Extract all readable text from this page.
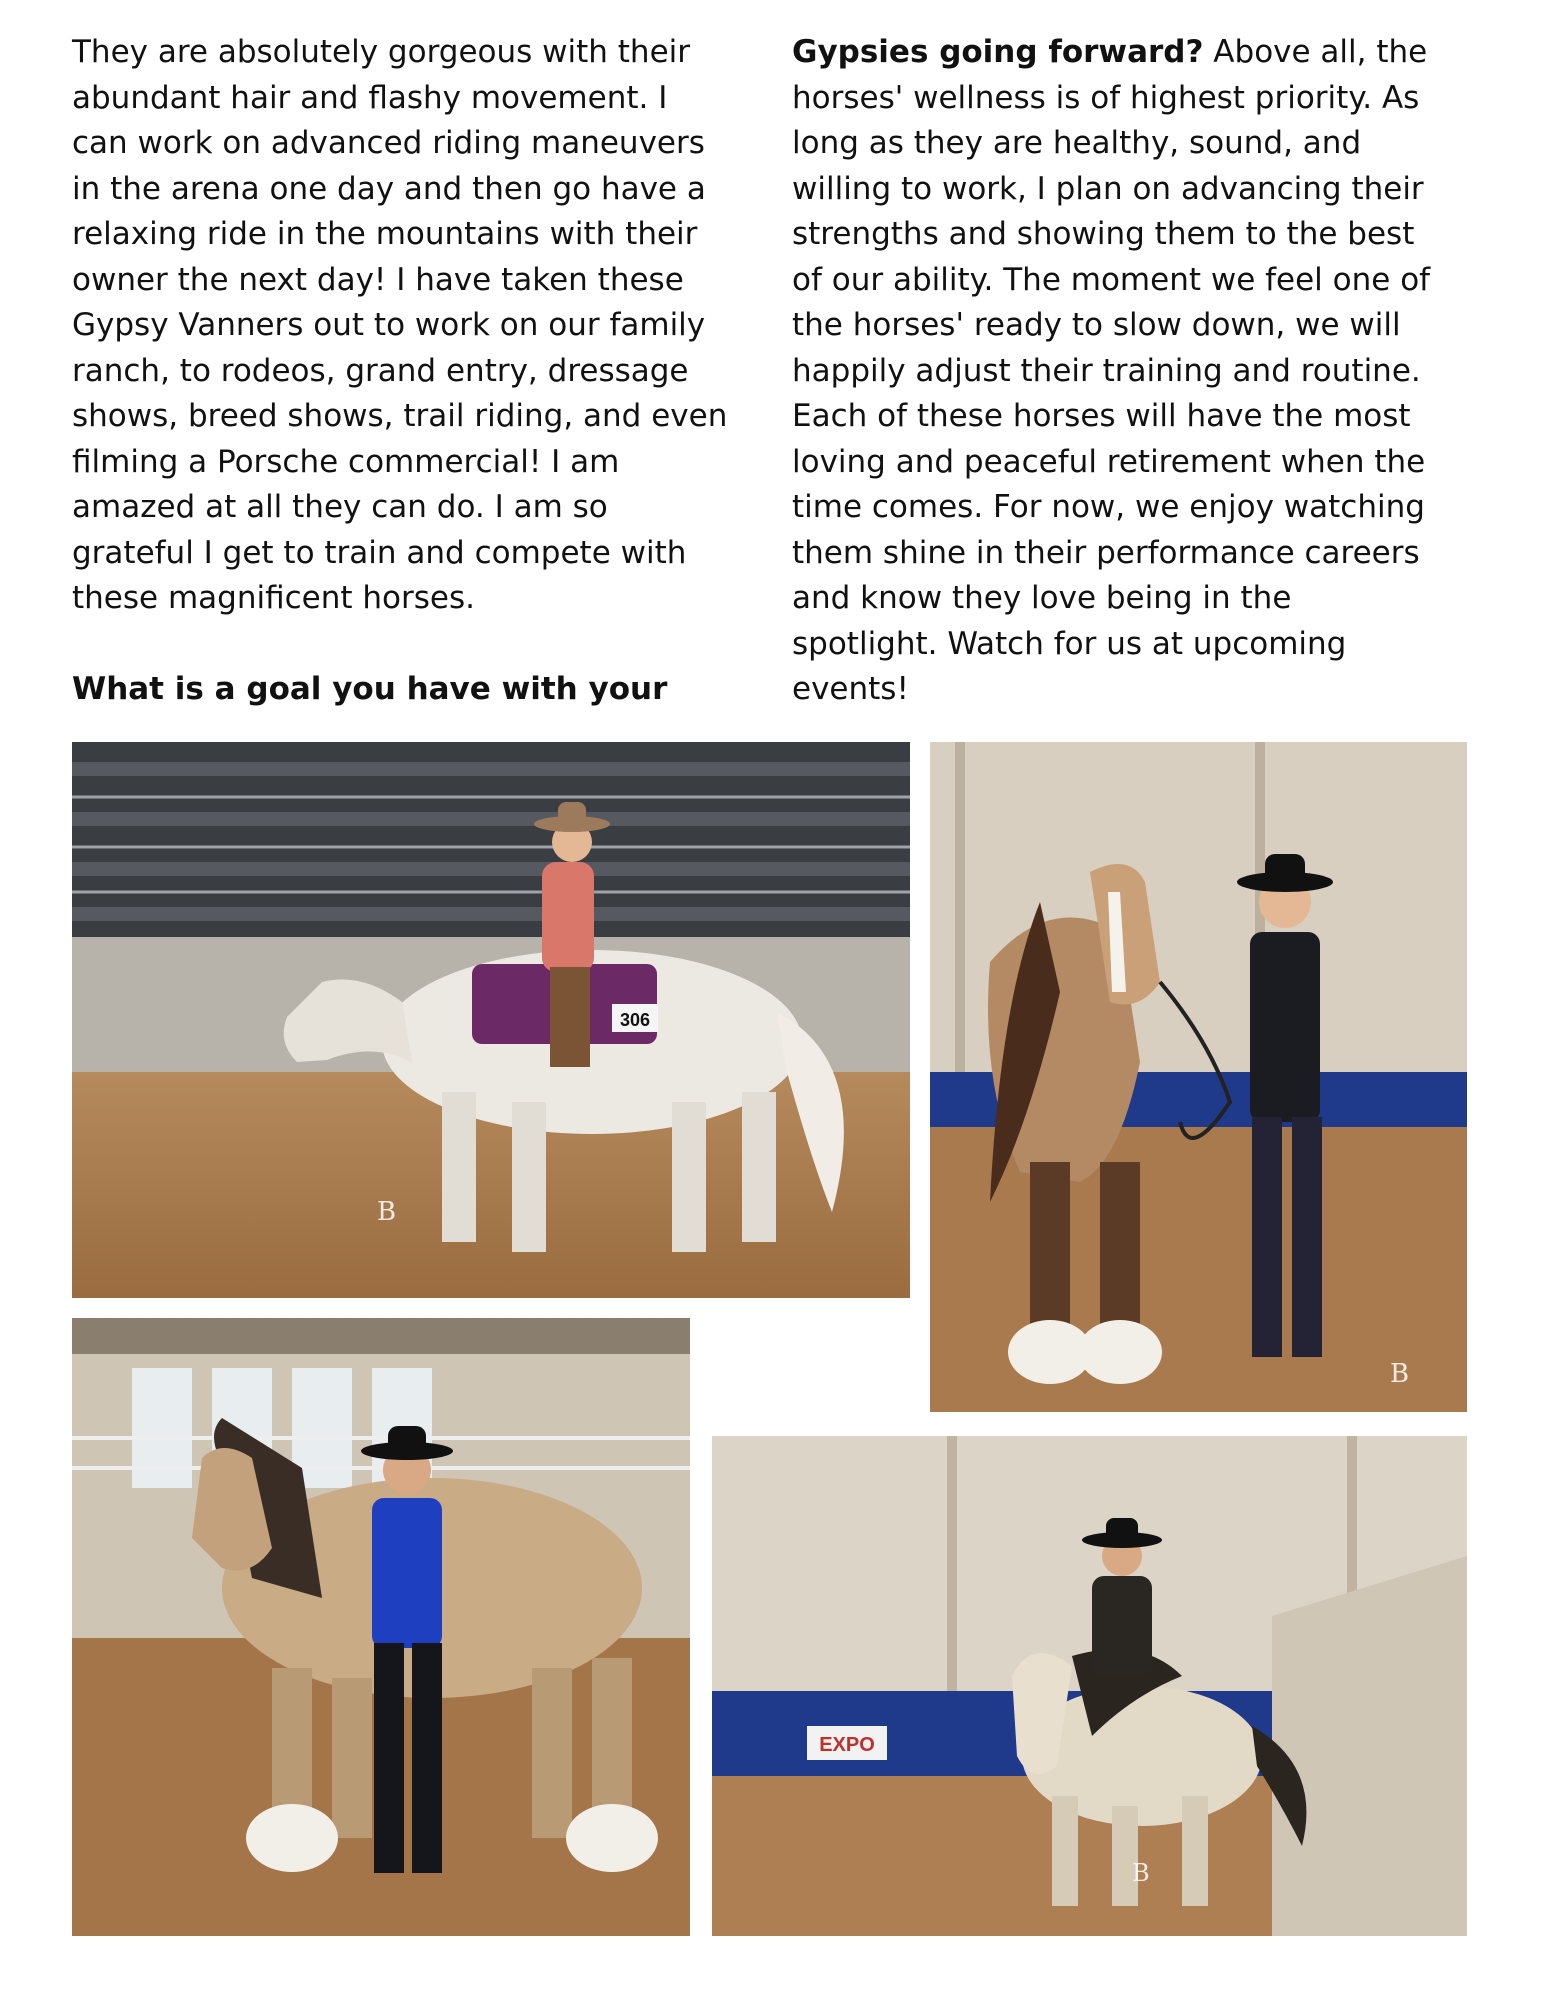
They are absolutely gorgeous with their

abundant hair and flashy movement. I

can work on advanced riding maneuvers

in the arena one day and then go have a

relaxing ride in the mountains with their

owner the next day! I have taken these

Gypsy Vanners out to work on our family

ranch, to rodeos, grand entry, dressage

shows, breed shows, trail riding, and even

filming a Porsche commercial! I am

amazed at all they can do. I am so

grateful I get to train and compete with

these magnificent horses.

What is a goal you have with your

Gypsies going forward? Above all, the

horses' wellness is of highest priority. As

long as they are healthy, sound, and

willing to work, I plan on advancing their

strengths and showing them to the best

of our ability. The moment we feel one of

the horses' ready to slow down, we will

happily adjust their training and routine.

Each of these horses will have the most

loving and peaceful retirement when the

time comes. For now, we enjoy watching

them shine in their performance careers

and know they love being in the

spotlight. Watch for us at upcoming

events!

306
B
B
EXPO
B
